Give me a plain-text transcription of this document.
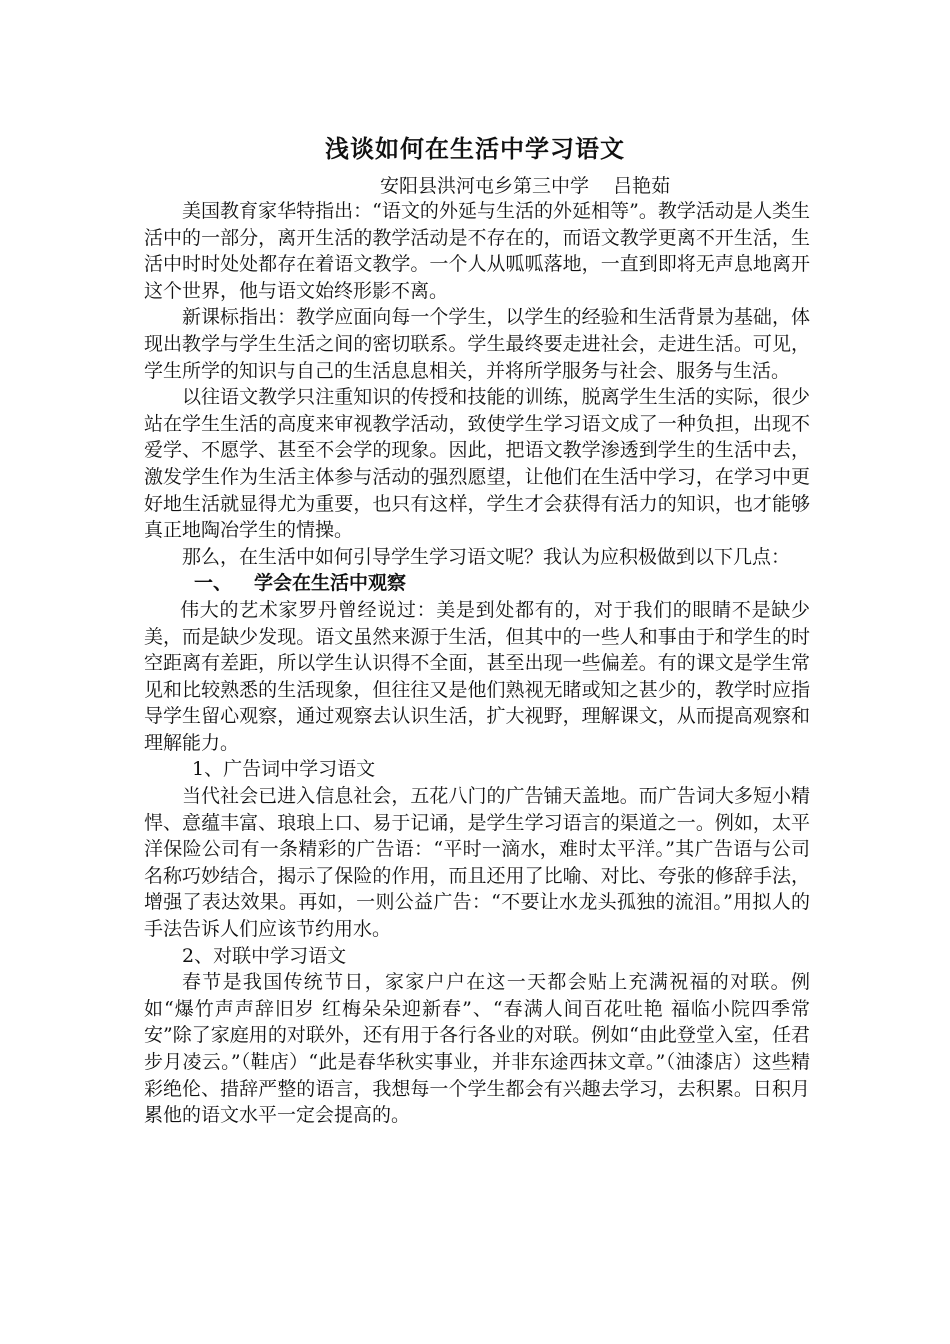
浅谈如何在生活中学习语文
安阳县洪河屯乡第三中学    吕艳茹

美国教育家华特指出：“语文的外延与生活的外延相等”。教学活动是人类生活中的一部分，离开生活的教学活动是不存在的，而语文教学更离不开生活，生活中时时处处都存在着语文教学。一个人从呱呱落地，一直到即将无声息地离开这个世界，他与语文始终形影不离。

新课标指出：教学应面向每一个学生，以学生的经验和生活背景为基础，体现出教学与学生生活之间的密切联系。学生最终要走进社会，走进生活。可见，学生所学的知识与自己的生活息息相关，并将所学服务与社会、服务与生活。

以往语文教学只注重知识的传授和技能的训练，脱离学生生活的实际，很少站在学生生活的高度来审视教学活动，致使学生学习语文成了一种负担，出现不爱学、不愿学、甚至不会学的现象。因此，把语文教学渗透到学生的生活中去，激发学生作为生活主体参与活动的强烈愿望，让他们在生活中学习，在学习中更好地生活就显得尤为重要，也只有这样，学生才会获得有活力的知识，也才能够真正地陶冶学生的情操。

那么，在生活中如何引导学生学习语文呢？我认为应积极做到以下几点：

一、 学会在生活中观察

伟大的艺术家罗丹曾经说过：美是到处都有的，对于我们的眼睛不是缺少美，而是缺少发现。语文虽然来源于生活，但其中的一些人和事由于和学生的时空距离有差距，所以学生认识得不全面，甚至出现一些偏差。有的课文是学生常见和比较熟悉的生活现象，但往往又是他们熟视无睹或知之甚少的，教学时应指导学生留心观察，通过观察去认识生活，扩大视野，理解课文，从而提高观察和理解能力。

1、广告词中学习语文

当代社会已进入信息社会，五花八门的广告铺天盖地。而广告词大多短小精悍、意蕴丰富、琅琅上口、易于记诵，是学生学习语言的渠道之一。例如，太平洋保险公司有一条精彩的广告语：“平时一滴水，难时太平洋。”其广告语与公司名称巧妙结合，揭示了保险的作用，而且还用了比喻、对比、夸张的修辞手法，增强了表达效果。再如，一则公益广告：“不要让水龙头孤独的流泪。”用拟人的手法告诉人们应该节约用水。

2、对联中学习语文

春节是我国传统节日，家家户户在这一天都会贴上充满祝福的对联。例如“爆竹声声辞旧岁 红梅朵朵迎新春”、“春满人间百花吐艳 福临小院四季常安”除了家庭用的对联外，还有用于各行各业的对联。例如“由此登堂入室，任君步月凌云。”（鞋店）“此是春华秋实事业，并非东途西抹文章。”（油漆店）这些精彩绝伦、措辞严整的语言，我想每一个学生都会有兴趣去学习，去积累。日积月累他的语文水平一定会提高的。
